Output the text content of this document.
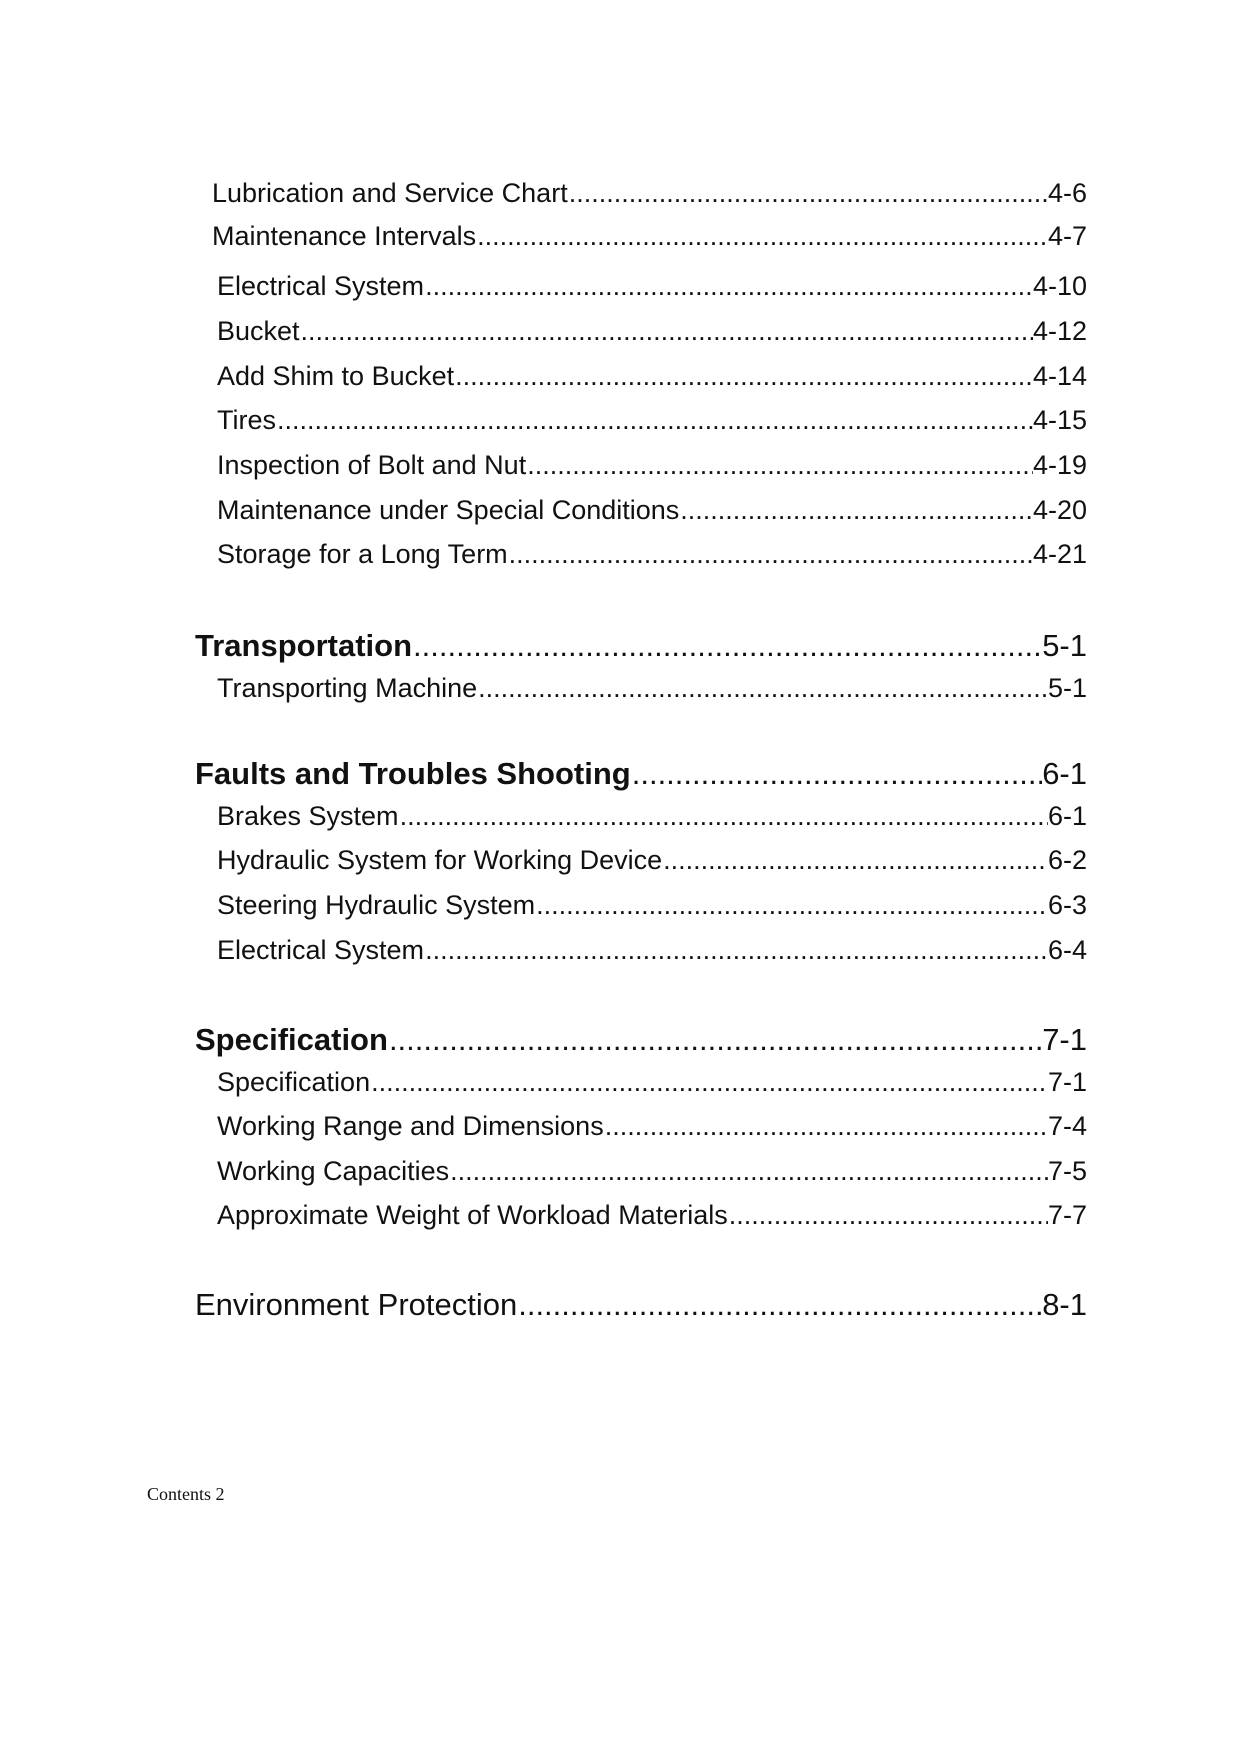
Lubrication and Service Chart .....	4-6
Maintenance Intervals .....	4-7
Electrical System .....	4-10
Bucket .....	4-12
Add Shim to Bucket .....	4-14
Tires .....	4-15
Inspection of Bolt and Nut .....	4-19
Maintenance under Special Conditions .....	4-20
Storage for a Long Term .....	4-21
Transportation .....	5-1
Transporting Machine .....	5-1
Faults and Troubles Shooting .....	6-1
Brakes System .....	6-1
Hydraulic System for Working Device .....	6-2
Steering Hydraulic System .....	6-3
Electrical System .....	6-4
Specification .....	7-1
Specification .....	7-1
Working Range and Dimensions .....	7-4
Working Capacities .....	7-5
Approximate Weight of Workload Materials .....	7-7
Environment Protection .....	8-1
Contents 2
